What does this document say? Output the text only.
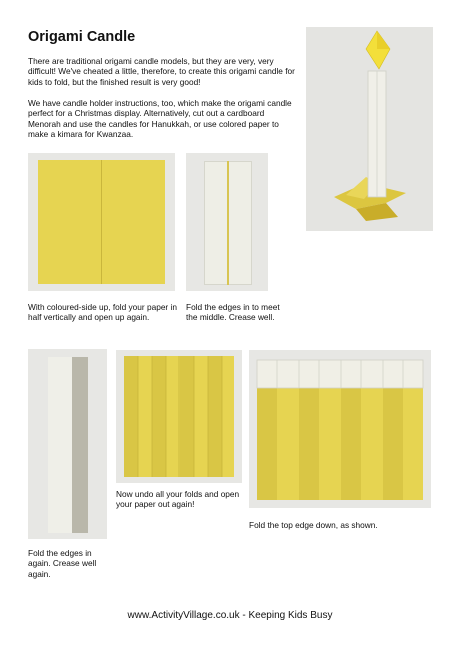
Origami Candle
There are traditional origami candle models, but they are very, very difficult! We've cheated a little, therefore, to create this origami candle for kids to fold, but the finished result is very good!
We have candle holder instructions, too, which make the origami candle perfect for a Christmas display. Alternatively, cut out a cardboard Menorah and use the candles for Hanukkah, or use colored paper to make a kimara for Kwanzaa.
With coloured-side up, fold your paper in half vertically and open up again.
Fold the edges in to meet the middle. Crease well.
Fold the edges in again. Crease well again.
Now undo all your folds and open your paper out again!
Fold the top edge down, as shown.
www.ActivityVillage.co.uk - Keeping Kids Busy
